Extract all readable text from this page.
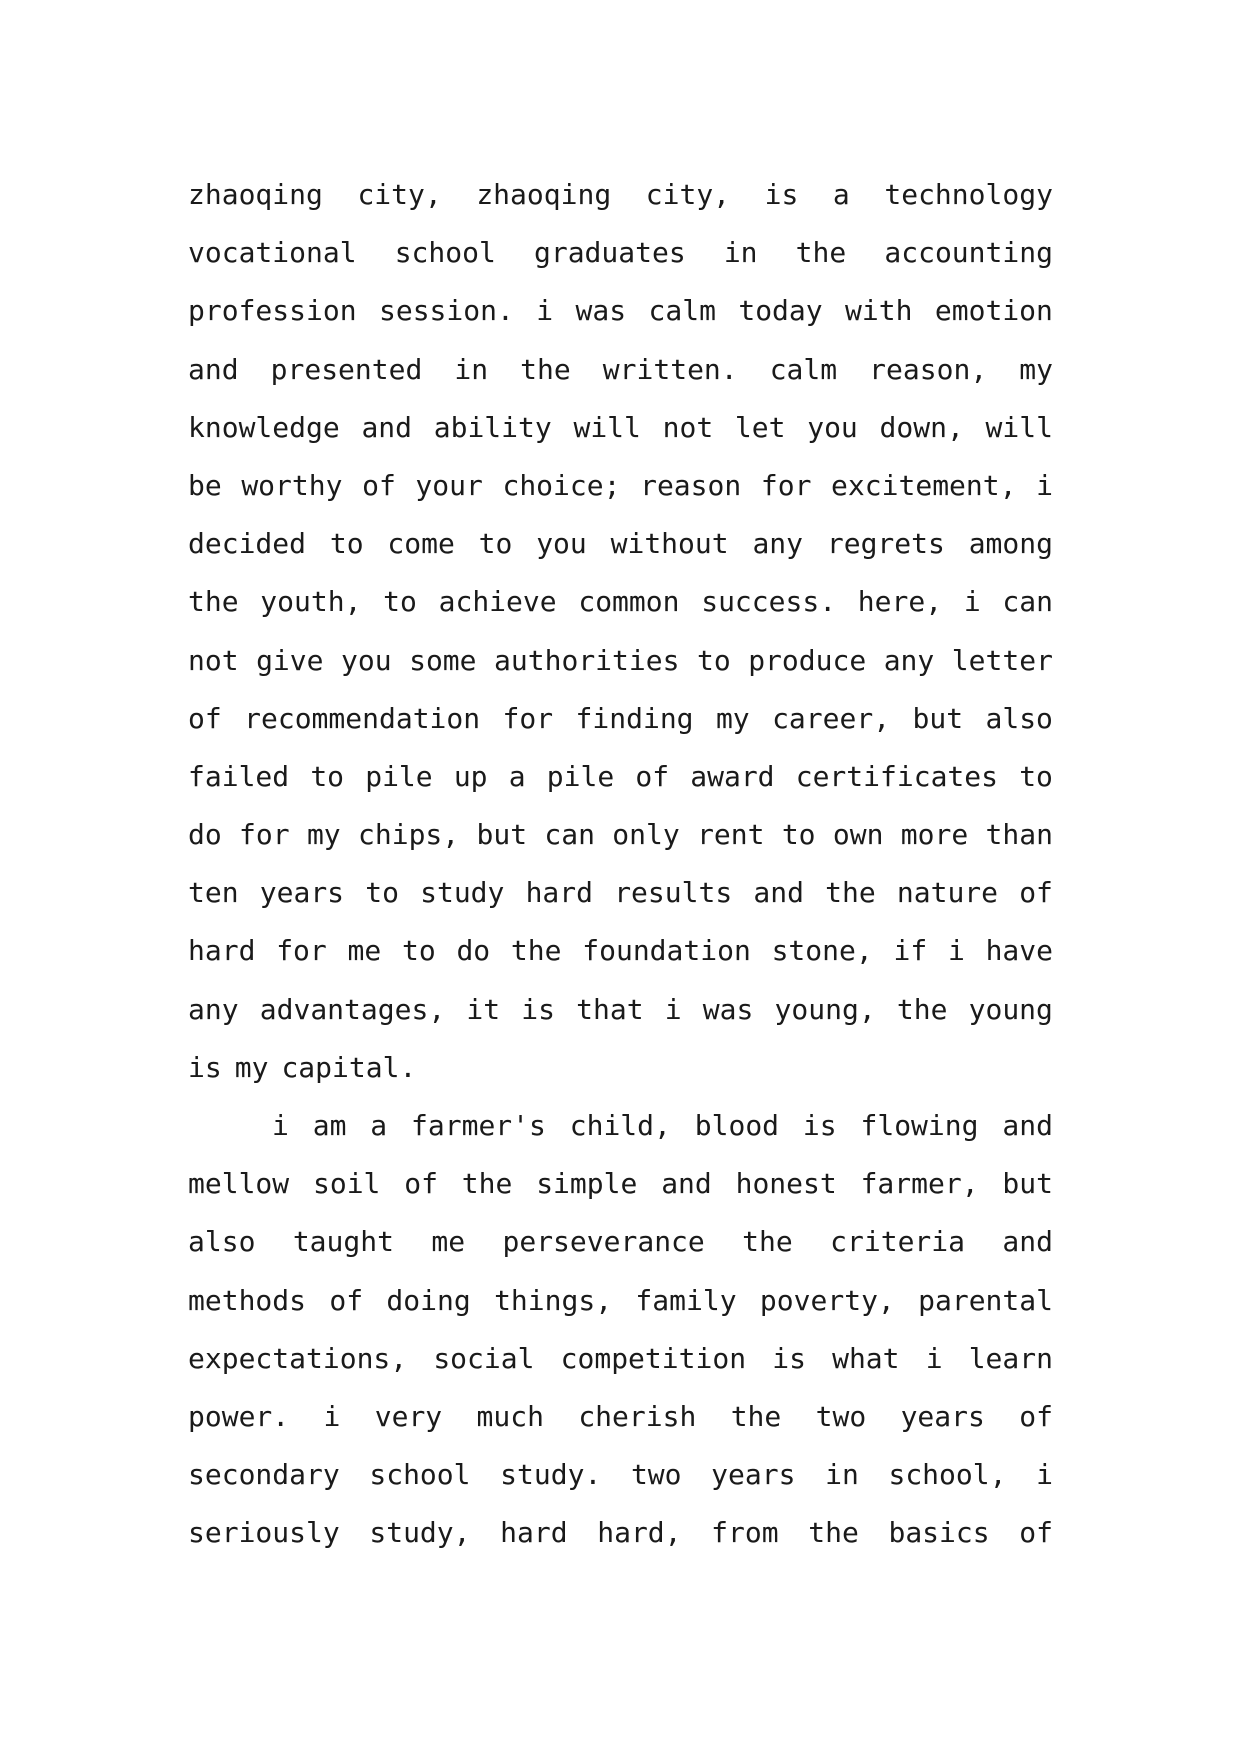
zhaoqing city, zhaoqing city, is a technology
vocational school graduates in the accounting
profession session. i was calm today with emotion
and presented in the written. calm reason, my
knowledge and ability will not let you down, will
be worthy of your choice; reason for excitement, i
decided to come to you without any regrets among
the youth, to achieve common success. here, i can
not give you some authorities to produce any letter
of recommendation for finding my career, but also
failed to pile up a pile of award certificates to
do for my chips, but can only rent to own more than
ten years to study hard results and the nature of
hard for me to do the foundation stone, if i have
any advantages, it is that i was young, the young
is my capital.
i am a farmer's child, blood is flowing and
mellow soil of the simple and honest farmer, but
also taught me perseverance the criteria and
methods of doing things, family poverty, parental
expectations, social competition is what i learn
power. i very much cherish the two years of
secondary school study. two years in school, i
seriously study, hard hard, from the basics of
